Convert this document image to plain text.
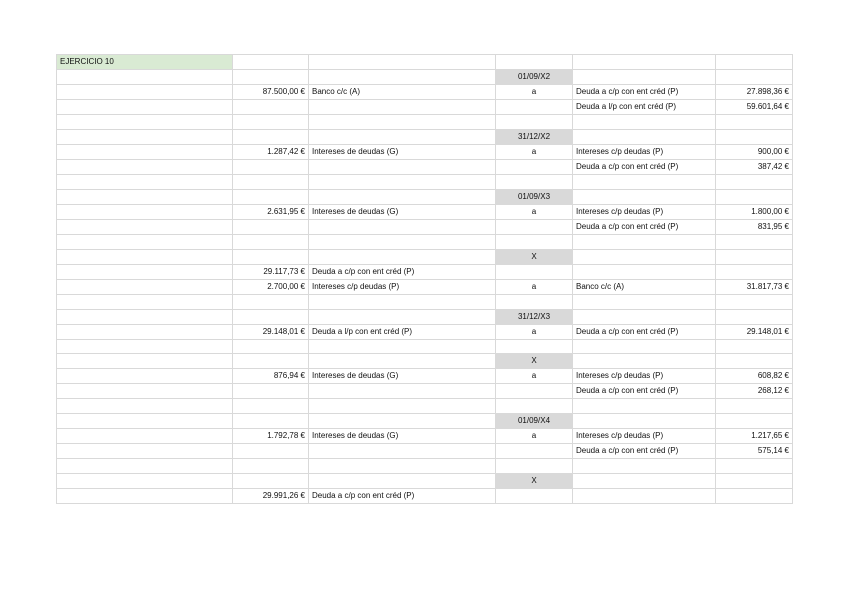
EJERCICIO 10					
			01/09/X2		
	87.500,00 €	Banco c/c (A)	a	Deuda a c/p con ent créd (P)	27.898,36 €
				Deuda a l/p con ent créd (P)	59.601,64 €

			31/12/X2		
	1.287,42 €	Intereses de deudas (G)	a	Intereses c/p deudas (P)	900,00 €
				Deuda a c/p con ent créd (P)	387,42 €

			01/09/X3		
	2.631,95 €	Intereses de deudas (G)	a	Intereses c/p deudas (P)	1.800,00 €
				Deuda a c/p con ent créd (P)	831,95 €

			X		
	29.117,73 €	Deuda a c/p con ent créd (P)			
	2.700,00 €	Intereses c/p deudas (P)	a	Banco c/c (A)	31.817,73 €

			31/12/X3		
	29.148,01 €	Deuda a l/p con ent créd (P)	a	Deuda a c/p con ent créd (P)	29.148,01 €

			X		
	876,94 €	Intereses de deudas (G)	a	Intereses c/p deudas (P)	608,82 €
				Deuda a c/p con ent créd (P)	268,12 €

			01/09/X4		
	1.792,78 €	Intereses de deudas (G)	a	Intereses c/p deudas (P)	1.217,65 €
				Deuda a c/p con ent créd (P)	575,14 €

			X		
	29.991,26 €	Deuda a c/p con ent créd (P)			
